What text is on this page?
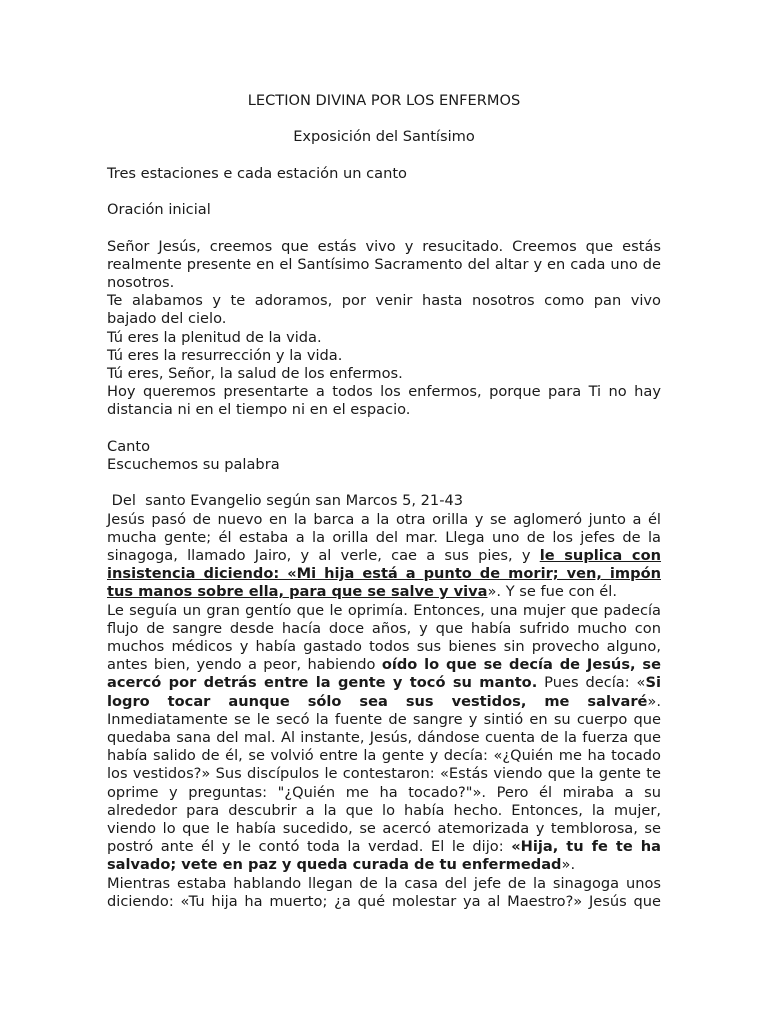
LECTION DIVINA POR LOS ENFERMOS

Exposición del Santísimo

Tres estaciones e cada estación un canto

Oración inicial

Señor Jesús, creemos que estás vivo y resucitado. Creemos que estás realmente presente en el Santísimo Sacramento del altar y en cada uno de nosotros.

Te alabamos y te adoramos, por venir hasta nosotros como pan vivo bajado del cielo.

Tú eres la plenitud de la vida.

Tú eres la resurrección y la vida.

Tú eres, Señor, la salud de los enfermos.

Hoy queremos presentarte a todos los enfermos, porque para Ti no hay distancia ni en el tiempo ni en el espacio.

Canto

Escuchemos su palabra

Del  santo Evangelio según san Marcos 5, 21-43

Jesús pasó de nuevo en la barca a la otra orilla y se aglomeró junto a él mucha gente; él estaba a la orilla del mar. Llega uno de los jefes de la sinagoga, llamado Jairo, y al verle, cae a sus pies, y le suplica con insistencia diciendo: «Mi hija está a punto de morir; ven, impón tus manos sobre ella, para que se salve y viva». Y se fue con él.

Le seguía un gran gentío que le oprimía. Entonces, una mujer que padecía flujo de sangre desde hacía doce años, y que había sufrido mucho con muchos médicos y había gastado todos sus bienes sin provecho alguno, antes bien, yendo a peor, habiendo oído lo que se decía de Jesús, se acercó por detrás entre la gente y tocó su manto. Pues decía: «Si logro tocar aunque sólo sea sus vestidos, me salvaré». Inmediatamente se le secó la fuente de sangre y sintió en su cuerpo que quedaba sana del mal. Al instante, Jesús, dándose cuenta de la fuerza que había salido de él, se volvió entre la gente y decía: «¿Quién me ha tocado los vestidos?» Sus discípulos le contestaron: «Estás viendo que la gente te oprime y preguntas: "¿Quién me ha tocado?"». Pero él miraba a su alrededor para descubrir a la que lo había hecho. Entonces, la mujer, viendo lo que le había sucedido, se acercó atemorizada y temblorosa, se postró ante él y le contó toda la verdad. El le dijo: «Hija, tu fe te ha salvado; vete en paz y queda curada de tu enfermedad».

Mientras estaba hablando llegan de la casa del jefe de la sinagoga unos diciendo: «Tu hija ha muerto; ¿a qué molestar ya al Maestro?» Jesús que
